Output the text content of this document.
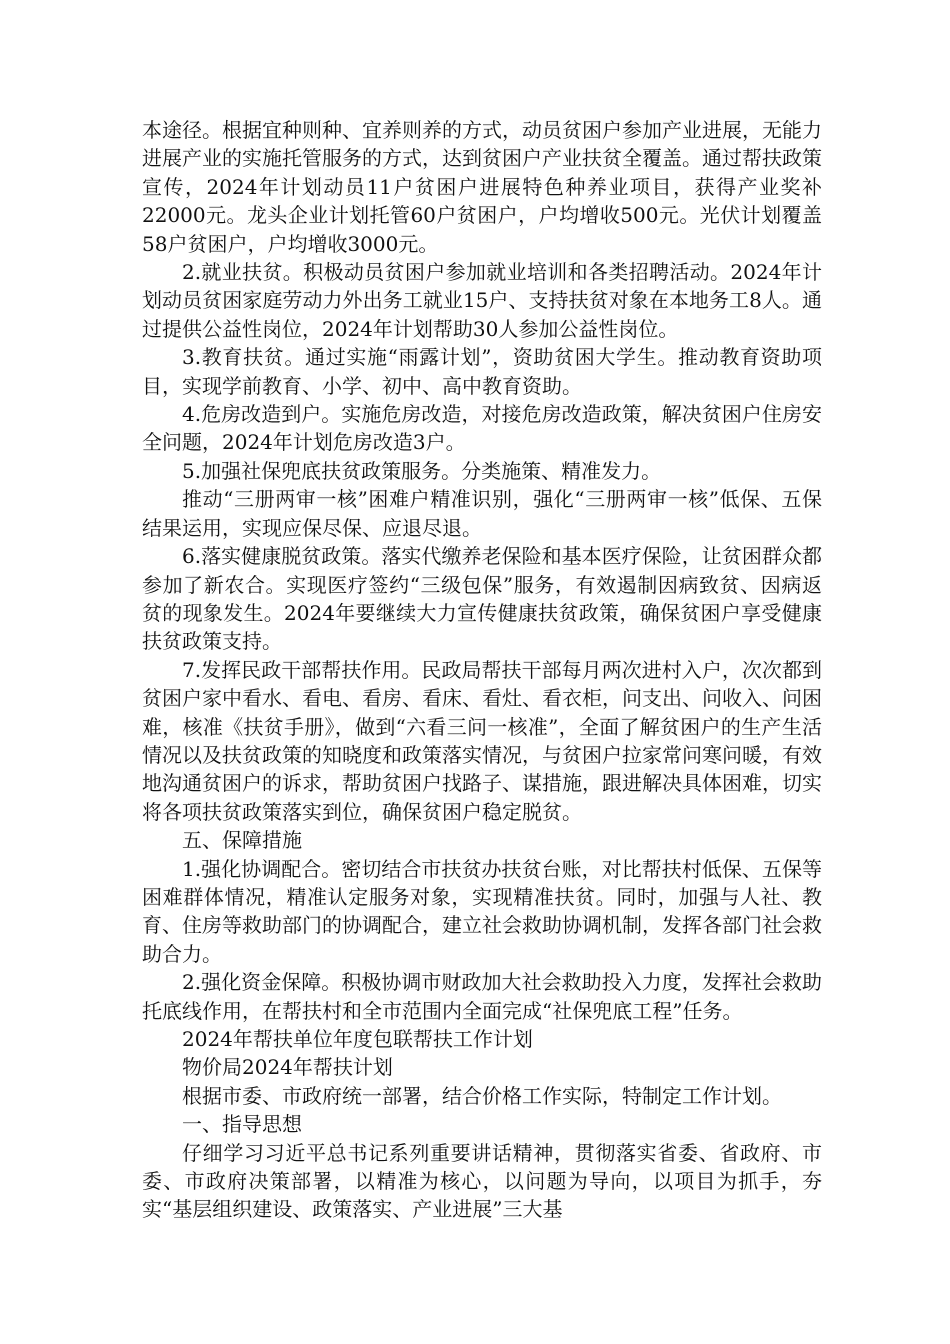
本途径。根据宜种则种、宜养则养的方式，动员贫困户参加产业进展，无能力进展产业的实施托管服务的方式，达到贫困户产业扶贫全覆盖。通过帮扶政策宣传，2024年计划动员11户贫困户进展特色种养业项目，获得产业奖补22000元。龙头企业计划托管60户贫困户，户均增收500元。光伏计划覆盖58户贫困户，户均增收3000元。

2.就业扶贫。积极动员贫困户参加就业培训和各类招聘活动。2024年计划动员贫困家庭劳动力外出务工就业15户、支持扶贫对象在本地务工8人。通过提供公益性岗位，2024年计划帮助30人参加公益性岗位。

3.教育扶贫。通过实施“雨露计划”，资助贫困大学生。推动教育资助项目，实现学前教育、小学、初中、高中教育资助。

4.危房改造到户。实施危房改造，对接危房改造政策，解决贫困户住房安全问题，2024年计划危房改造3户。

5.加强社保兜底扶贫政策服务。分类施策、精准发力。

推动“三册两审一核”困难户精准识别，强化“三册两审一核”低保、五保结果运用，实现应保尽保、应退尽退。

6.落实健康脱贫政策。落实代缴养老保险和基本医疗保险，让贫困群众都参加了新农合。实现医疗签约“三级包保”服务，有效遏制因病致贫、因病返贫的现象发生。2024年要继续大力宣传健康扶贫政策，确保贫困户享受健康扶贫政策支持。

7.发挥民政干部帮扶作用。民政局帮扶干部每月两次进村入户，次次都到贫困户家中看水、看电、看房、看床、看灶、看衣柜，问支出、问收入、问困难，核准《扶贫手册》，做到“六看三问一核准”，全面了解贫困户的生产生活情况以及扶贫政策的知晓度和政策落实情况，与贫困户拉家常问寒问暖，有效地沟通贫困户的诉求，帮助贫困户找路子、谋措施，跟进解决具体困难，切实将各项扶贫政策落实到位，确保贫困户稳定脱贫。

五、保障措施

1.强化协调配合。密切结合市扶贫办扶贫台账，对比帮扶村低保、五保等困难群体情况，精准认定服务对象，实现精准扶贫。同时，加强与人社、教育、住房等救助部门的协调配合，建立社会救助协调机制，发挥各部门社会救助合力。

2.强化资金保障。积极协调市财政加大社会救助投入力度，发挥社会救助托底线作用，在帮扶村和全市范围内全面完成“社保兜底工程”任务。

2024年帮扶单位年度包联帮扶工作计划

物价局2024年帮扶计划

根据市委、市政府统一部署，结合价格工作实际，特制定工作计划。

一、指导思想

仔细学习习近平总书记系列重要讲话精神，贯彻落实省委、省政府、市委、市政府决策部署，以精准为核心，以问题为导向，以项目为抓手，夯实“基层组织建设、政策落实、产业进展”三大基
